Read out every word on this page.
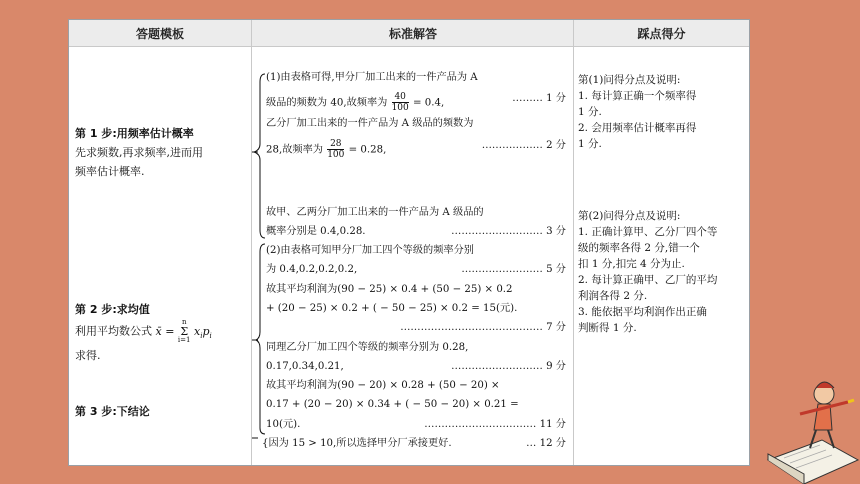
答题模板
第 1 步:用频率估计概率
先求频数,再求频率,进而用
频率估计概率.
第 2 步:求均值
利用平均数公式 x̄ =
n
Σ
i=1
$x_ip_i$
求得.
第 3 步:下结论
标准解答
(1)由表格可得,甲分厂加工出来的一件产品为 A
级品的频数为 40,故频率为 $\frac{40}{100} = 0.4$,	……… 1 分
乙分厂加工出来的一件产品为 A 级品的频数为
28,故频率为 $\frac{28}{100} = 0.28$,	……………… 2 分
故甲、乙两分厂加工出来的一件产品为 A 级品的
概率分别是 0.4,0.28.	……………………… 3 分
(2)由表格可知甲分厂加工四个等级的频率分别
为 0.4,0.2,0.2,0.2,	…………………… 5 分
故其平均利润为(90 − 25) × 0.4 + (50 − 25) × 0.2
+ (20 − 25) × 0.2 + ( − 50 − 25) × 0.2 = 15(元).
…………………………………… 7 分
同理乙分厂加工四个等级的频率分别为 0.28,
0.17,0.34,0.21,	……………………… 9 分
故其平均利润为(90 − 20) × 0.28 + (50 − 20) ×
0.17 + (20 − 20) × 0.34 + ( − 50 − 20) × 0.21 =
10(元).	…………………………… 11 分
{因为 15 > 10,所以选择甲分厂承接更好.	… 12 分
踩点得分
第(1)问得分点及说明:
1. 每计算正确一个频率得
1 分.
2. 会用频率估计概率再得
1 分.
第(2)问得分点及说明:
1. 正确计算甲、乙分厂四个等
级的频率各得 2 分,错一个
扣 1 分,扣完 4 分为止.
2. 每计算正确甲、乙厂的平均
利润各得 2 分.
3. 能依据平均利润作出正确
判断得 1 分.
